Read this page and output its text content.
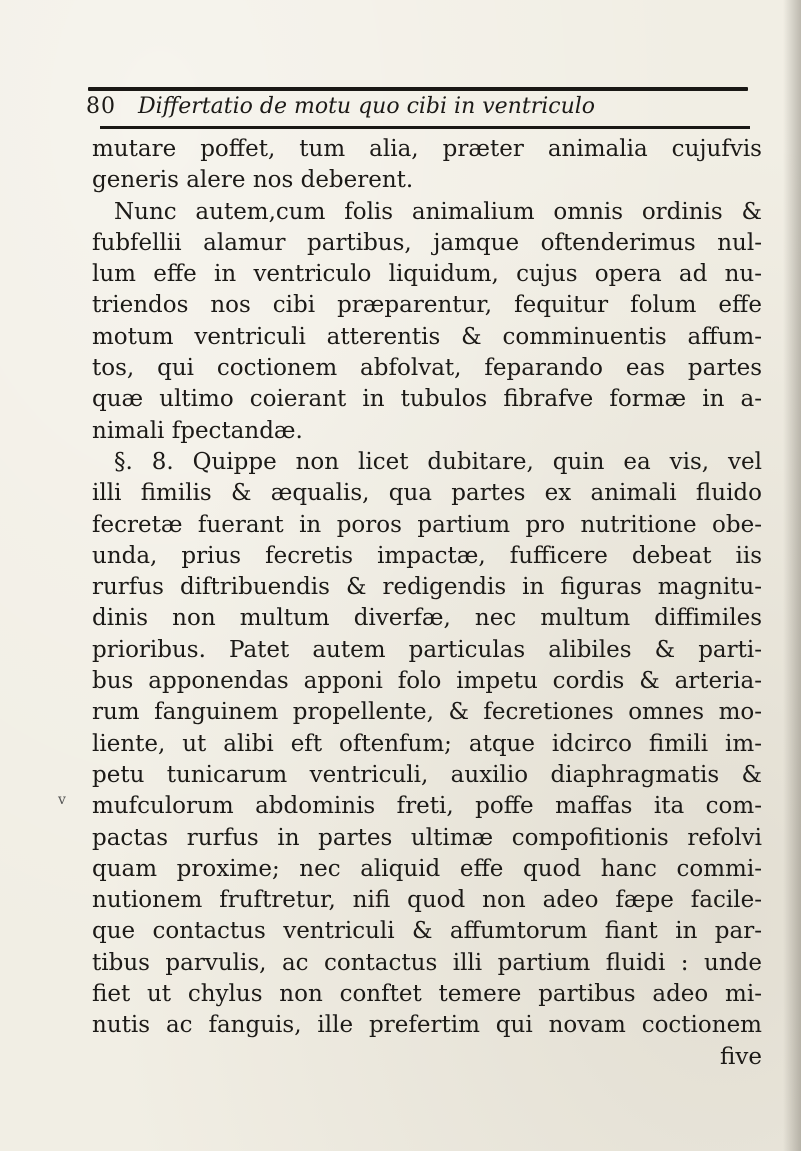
80 Differtatio de motu quo cibi in ventriculo
v
mutare poffet, tum alia, præter animalia cujufvis
generis alere nos deberent.
Nunc autem,cum folis animalium omnis ordinis &
fubfellii alamur partibus, jamque oftenderimus nul-
lum effe in ventriculo liquidum, cujus opera ad nu-
triendos nos cibi præparentur, fequitur folum effe
motum ventriculi atterentis & comminuentis affum-
tos, qui coctionem abfolvat, feparando eas partes
quæ ultimo coierant in tubulos fibrafve formæ in a-
nimali fpectandæ.
§. 8. Quippe non licet dubitare, quin ea vis, vel
illi fimilis & æqualis, qua partes ex animali fluido
fecretæ fuerant in poros partium pro nutritione obe-
unda, prius fecretis impactæ, fufficere debeat iis
rurfus diftribuendis & redigendis in figuras magnitu-
dinis non multum diverfæ, nec multum diffimiles
prioribus. Patet autem particulas alibiles & parti-
bus apponendas apponi folo impetu cordis & arteria-
rum fanguinem propellente, & fecretiones omnes mo-
liente, ut alibi eft oftenfum; atque idcirco fimili im-
petu tunicarum ventriculi, auxilio diaphragmatis &
mufculorum abdominis freti, poffe maffas ita com-
pactas rurfus in partes ultimæ compofitionis refolvi
quam proxime; nec aliquid effe quod hanc commi-
nutionem fruftretur, nifi quod non adeo fæpe facile-
que contactus ventriculi & affumtorum fiant in par-
tibus parvulis, ac contactus illi partium fluidi : unde
fiet ut chylus non conftet temere partibus adeo mi-
nutis ac fanguis, ille prefertim qui novam coctionem
five
